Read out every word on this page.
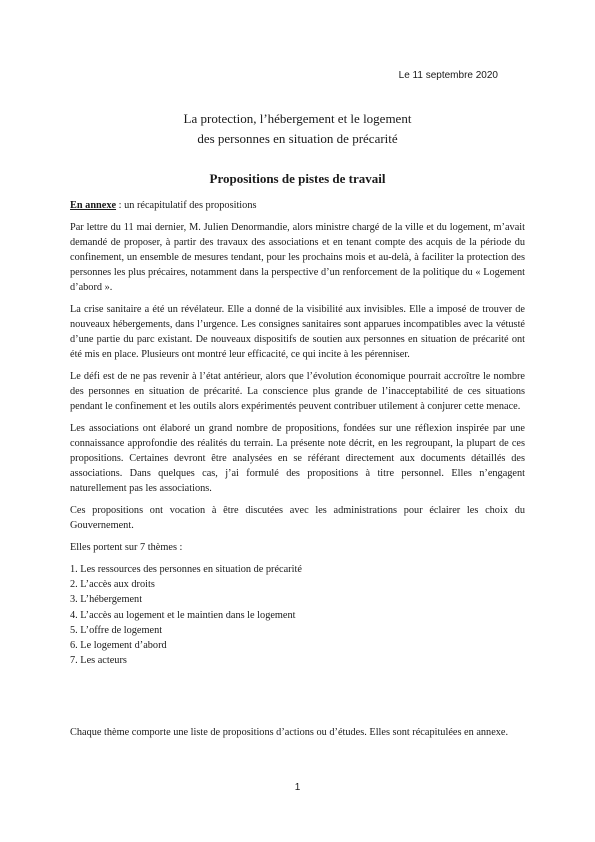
Le 11 septembre 2020
La protection, l’hébergement et le logement
des personnes en situation de précarité
Propositions de pistes de travail

En annexe : un récapitulatif des propositions

Par lettre du 11 mai dernier, M. Julien Denormandie, alors ministre chargé de la ville et du logement, m’avait demandé de proposer, à partir des travaux des associations et en tenant compte des acquis de la période du confinement, un ensemble de mesures tendant, pour les prochains mois et au-delà, à faciliter la protection des personnes les plus précaires, notamment dans la perspective d’un renforcement de la politique du « Logement d’abord ».

La crise sanitaire a été un révélateur. Elle a donné de la visibilité aux invisibles. Elle a imposé de trouver de nouveaux hébergements, dans l’urgence. Les consignes sanitaires sont apparues incompatibles avec la vétusté d’une partie du parc existant. De nouveaux dispositifs de soutien aux personnes en situation de précarité ont été mis en place. Plusieurs ont montré leur efficacité, ce qui incite à les pérenniser.

Le défi est de ne pas revenir à l’état antérieur, alors que l’évolution économique pourrait accroître le nombre des personnes en situation de précarité. La conscience plus grande de l’inacceptabilité de ces situations pendant le confinement et les outils alors expérimentés peuvent contribuer utilement à conjurer cette menace.

Les associations ont élaboré un grand nombre de propositions, fondées sur une réflexion inspirée par une connaissance approfondie des réalités du terrain. La présente note décrit, en les regroupant, la plupart de ces propositions. Certaines devront être analysées en se référant directement aux documents détaillés des associations. Dans quelques cas, j’ai formulé des propositions à titre personnel. Elles n’engagent naturellement pas les associations.

Ces propositions ont vocation à être discutées avec les administrations pour éclairer les choix du Gouvernement.

Elles portent sur 7 thèmes :

1. Les ressources des personnes en situation de précarité
2. L’accès aux droits
3. L’hébergement
4. L’accès au logement et le maintien dans le logement
5. L’offre de logement
6. Le logement d’abord
7. Les acteurs
Chaque thème comporte une liste de propositions d’actions ou d’études. Elles sont récapitulées en annexe.
1
